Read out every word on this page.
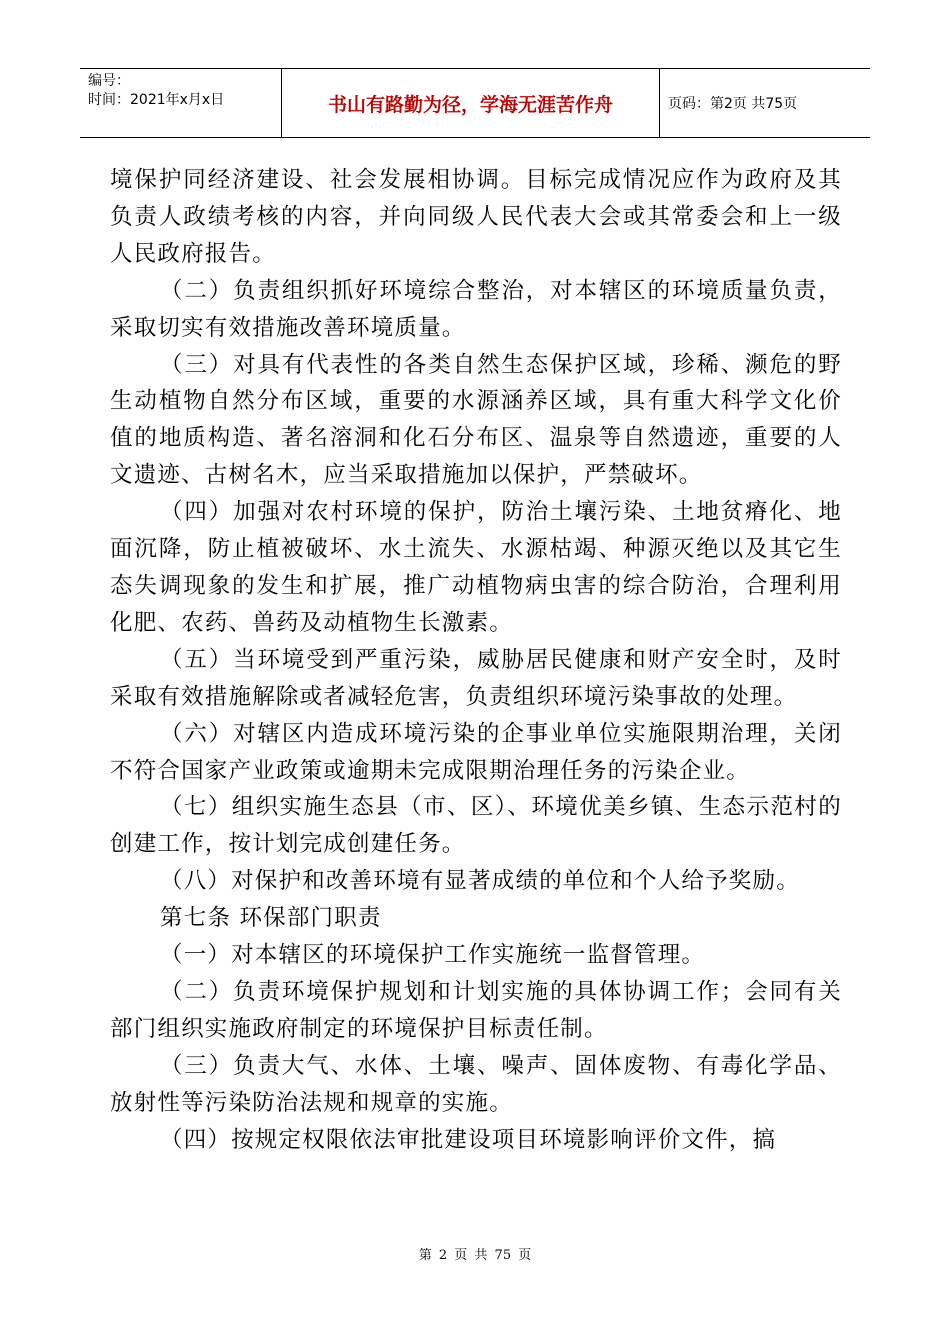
编号：
时间：2021年x月x日	书山有路勤为径，学海无涯苦作舟	页码：第2页 共75页

境保护同经济建设、社会发展相协调。目标完成情况应作为政府及其负责人政绩考核的内容，并向同级人民代表大会或其常委会和上一级人民政府报告。

（二）负责组织抓好环境综合整治，对本辖区的环境质量负责，采取切实有效措施改善环境质量。

（三）对具有代表性的各类自然生态保护区域，珍稀、濒危的野生动植物自然分布区域，重要的水源涵养区域，具有重大科学文化价值的地质构造、著名溶洞和化石分布区、温泉等自然遗迹，重要的人文遗迹、古树名木，应当采取措施加以保护，严禁破坏。

（四）加强对农村环境的保护，防治土壤污染、土地贫瘠化、地面沉降，防止植被破坏、水土流失、水源枯竭、种源灭绝以及其它生态失调现象的发生和扩展，推广动植物病虫害的综合防治，合理利用化肥、农药、兽药及动植物生长激素。

（五）当环境受到严重污染，威胁居民健康和财产安全时，及时采取有效措施解除或者减轻危害，负责组织环境污染事故的处理。

（六）对辖区内造成环境污染的企事业单位实施限期治理，关闭不符合国家产业政策或逾期未完成限期治理任务的污染企业。

（七）组织实施生态县（市、区）、环境优美乡镇、生态示范村的创建工作，按计划完成创建任务。

（八）对保护和改善环境有显著成绩的单位和个人给予奖励。

第七条 环保部门职责

（一）对本辖区的环境保护工作实施统一监督管理。

（二）负责环境保护规划和计划实施的具体协调工作；会同有关部门组织实施政府制定的环境保护目标责任制。

（三）负责大气、水体、土壤、噪声、固体废物、有毒化学品、放射性等污染防治法规和规章的实施。

（四）按规定权限依法审批建设项目环境影响评价文件，搞

第 2 页 共 75 页
